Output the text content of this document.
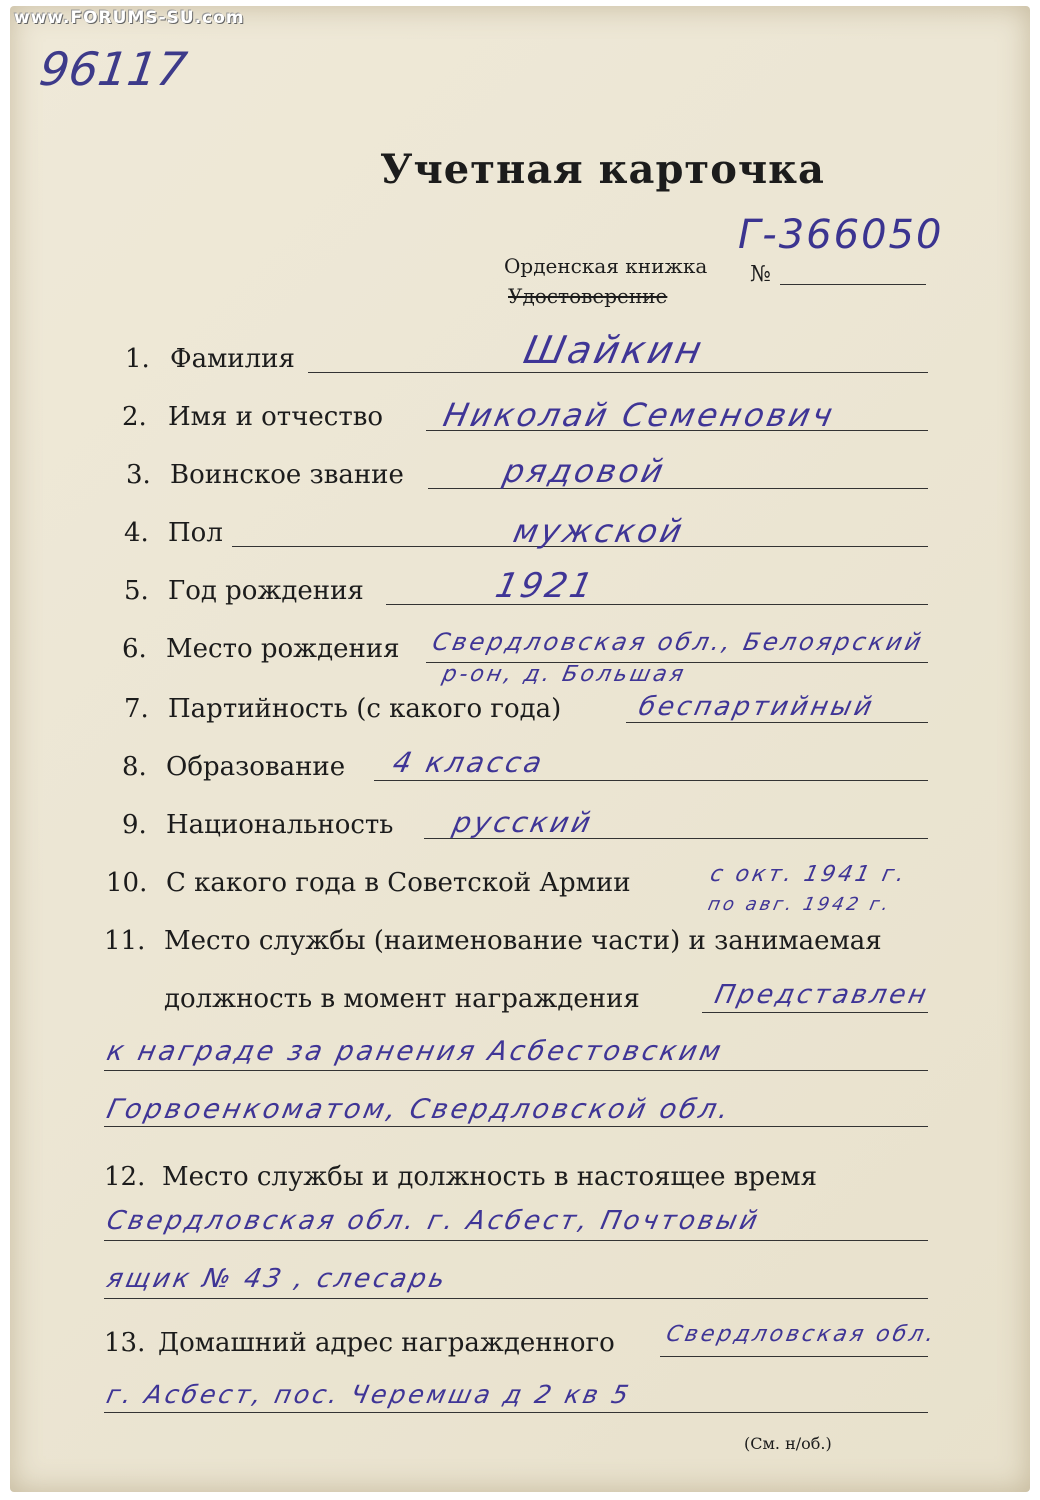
www.FORUMS-SU.com
96117
Учетная карточка
Г-366050
Орденская книжка
Удостоверение
№
1. Фамилия	Шайкин
2. Имя и отчество Николай Семенович
3. Воинское звание	рядовой
4. Пол	мужской
5. Год рождения	1921
6. Место рождения Свердловская обл., Белоярский
р-он, д. Большая
7. Партийность (с какого года)	беспартийный
8. Образование 4 класса
9. Национальность русский
10. С какого года в Советской Армии	с окт. 1941 г.
по авг. 1942 г.
11. Место службы (наименование части) и занимаемая
должность в момент награждения	Представлен
к награде за ранения Асбестовским
Горвоенкоматом, Свердловской обл.
12. Место службы и должность в настоящее время
Свердловская обл. г. Асбест, Почтовый
ящик № 43 , слесарь
13. Домашний адрес награжденного Свердловская обл.
г. Асбест, пос. Черемша д 2 кв 5
(См. н/об.)
